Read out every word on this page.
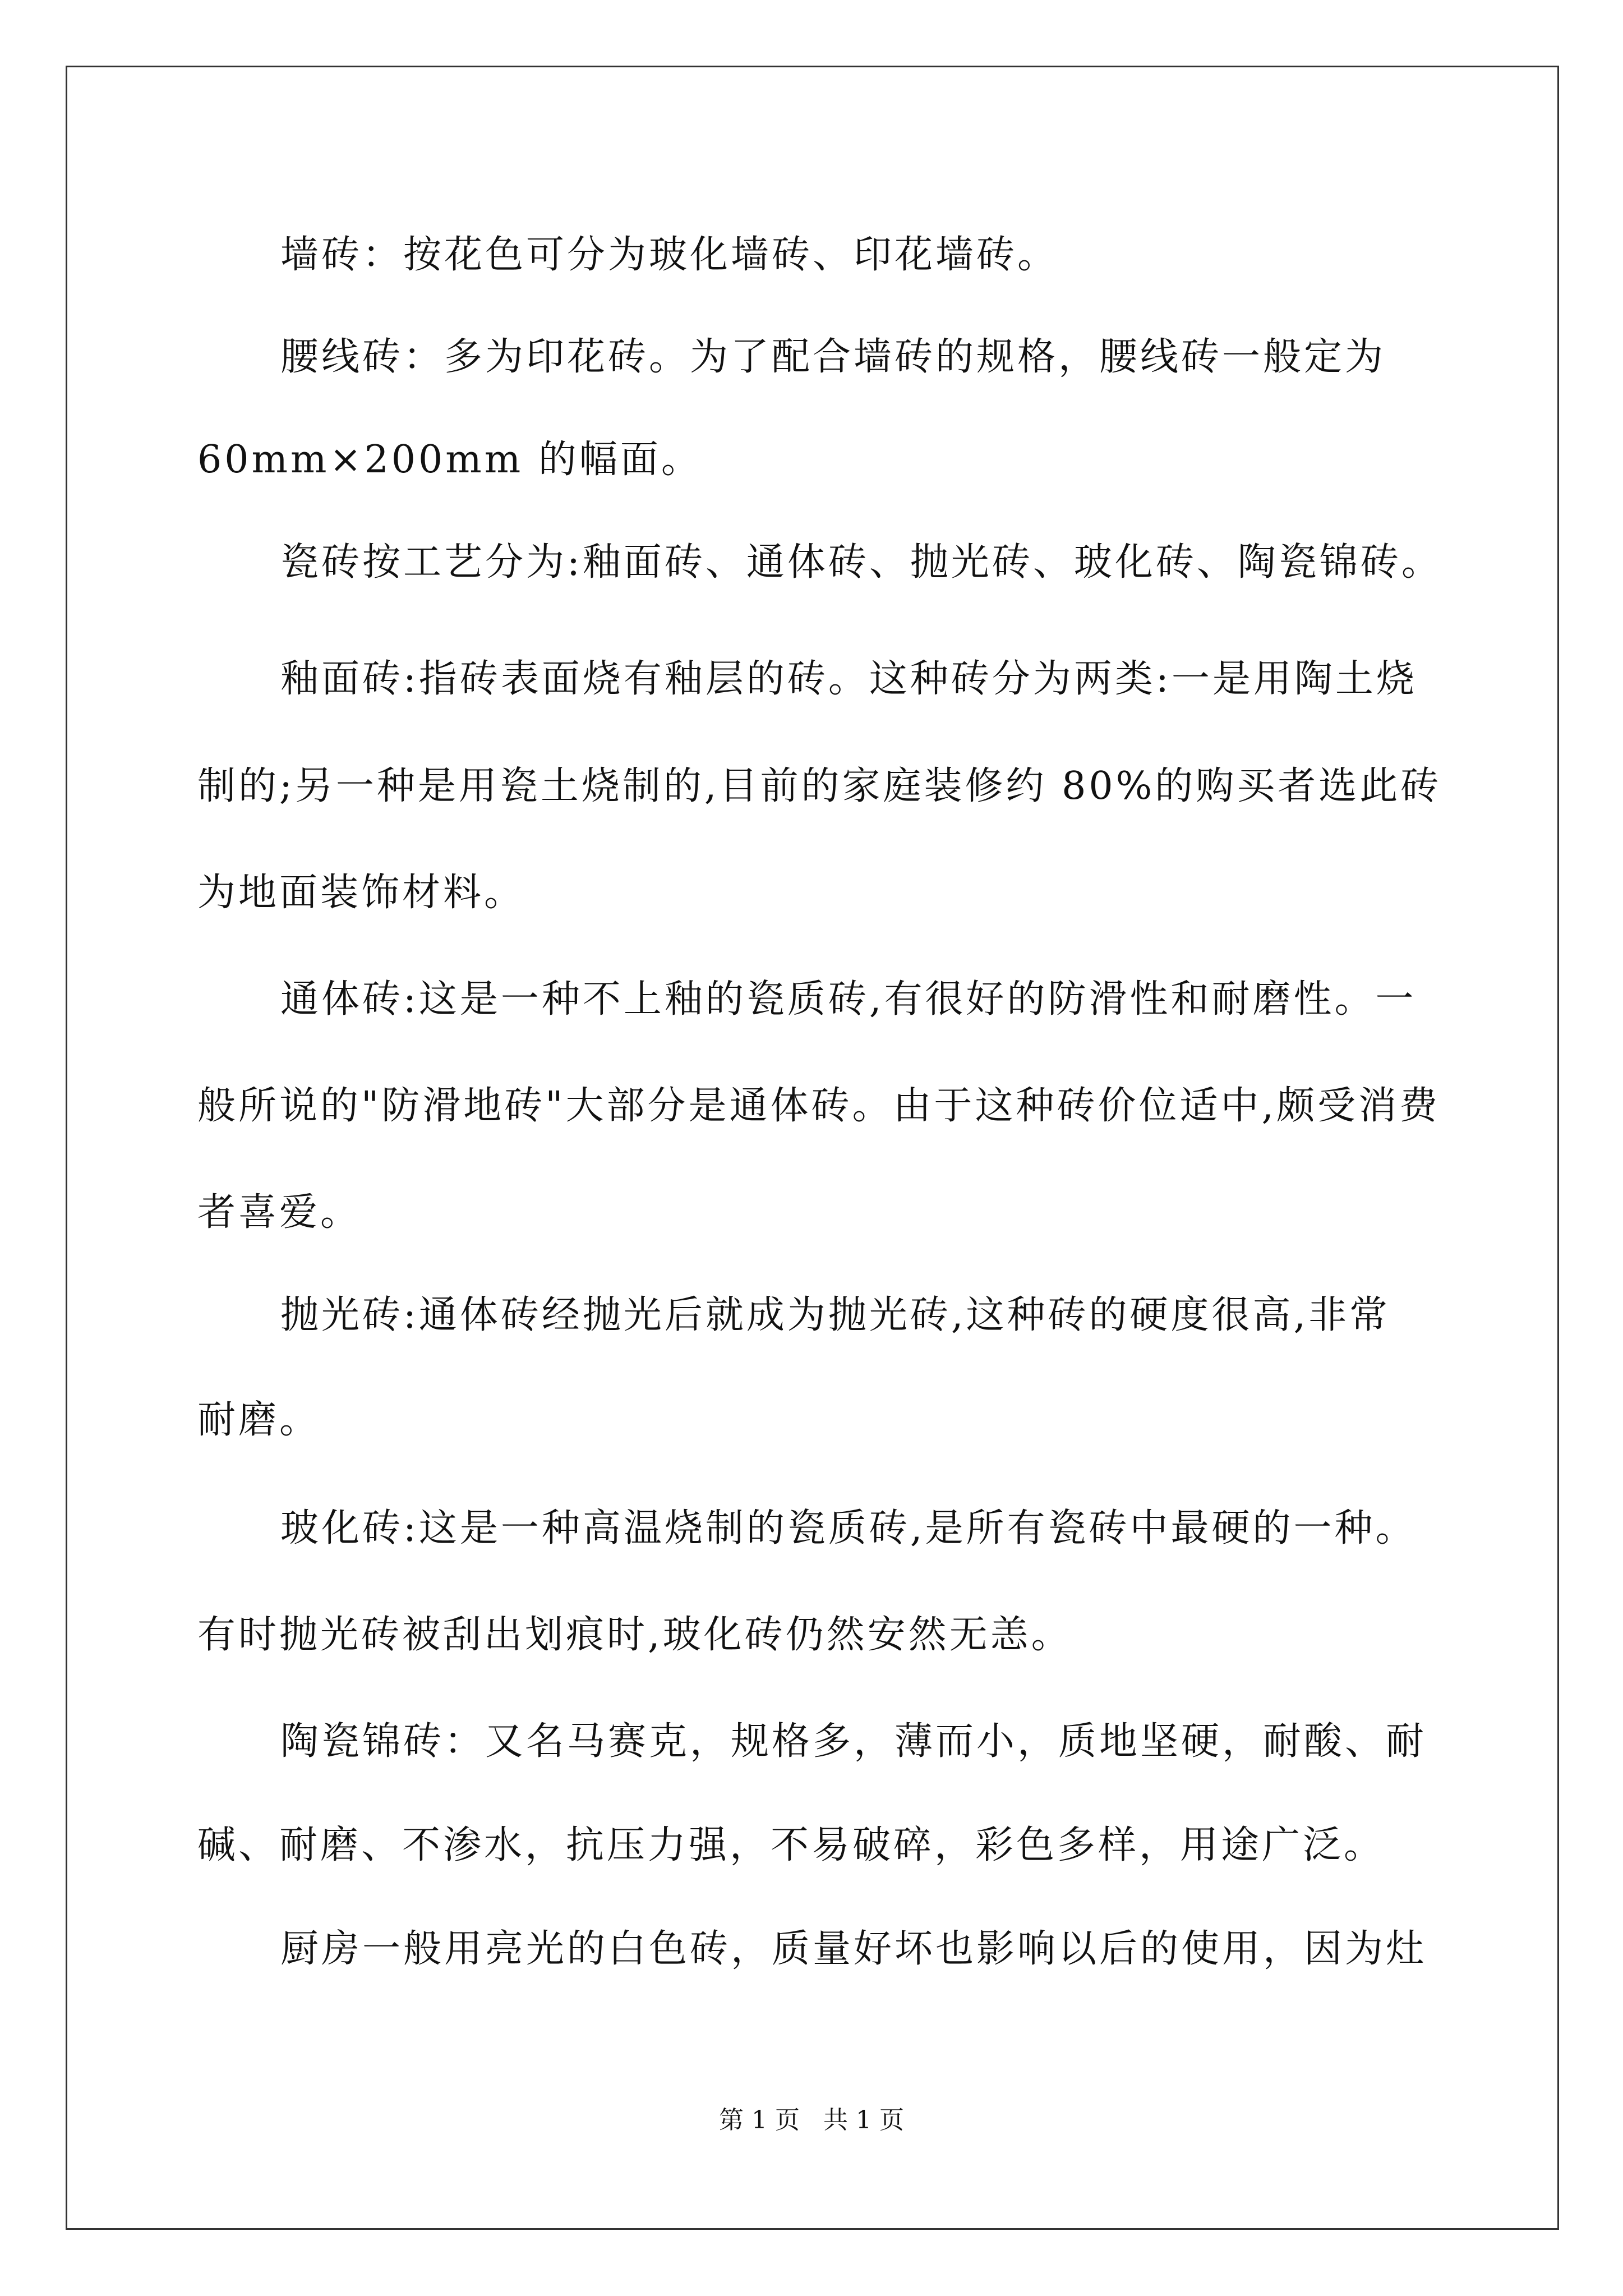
墙砖：按花色可分为玻化墙砖、印花墙砖。
腰线砖：多为印花砖。为了配合墙砖的规格，腰线砖一般定为
60mm×200mm 的幅面。
瓷砖按工艺分为:釉面砖、通体砖、抛光砖、玻化砖、陶瓷锦砖。
釉面砖:指砖表面烧有釉层的砖。这种砖分为两类:一是用陶土烧
制的;另一种是用瓷土烧制的,目前的家庭装修约 80%的购买者选此砖
为地面装饰材料。
通体砖:这是一种不上釉的瓷质砖,有很好的防滑性和耐磨性。一
般所说的"防滑地砖"大部分是通体砖。由于这种砖价位适中,颇受消费
者喜爱。
抛光砖:通体砖经抛光后就成为抛光砖,这种砖的硬度很高,非常
耐磨。
玻化砖:这是一种高温烧制的瓷质砖,是所有瓷砖中最硬的一种。
有时抛光砖被刮出划痕时,玻化砖仍然安然无恙。
陶瓷锦砖：又名马赛克，规格多，薄而小，质地坚硬，耐酸、耐
碱、耐磨、不渗水，抗压力强，不易破碎，彩色多样，用途广泛。
厨房一般用亮光的白色砖，质量好坏也影响以后的使用，因为灶
第 1 页   共 1 页
